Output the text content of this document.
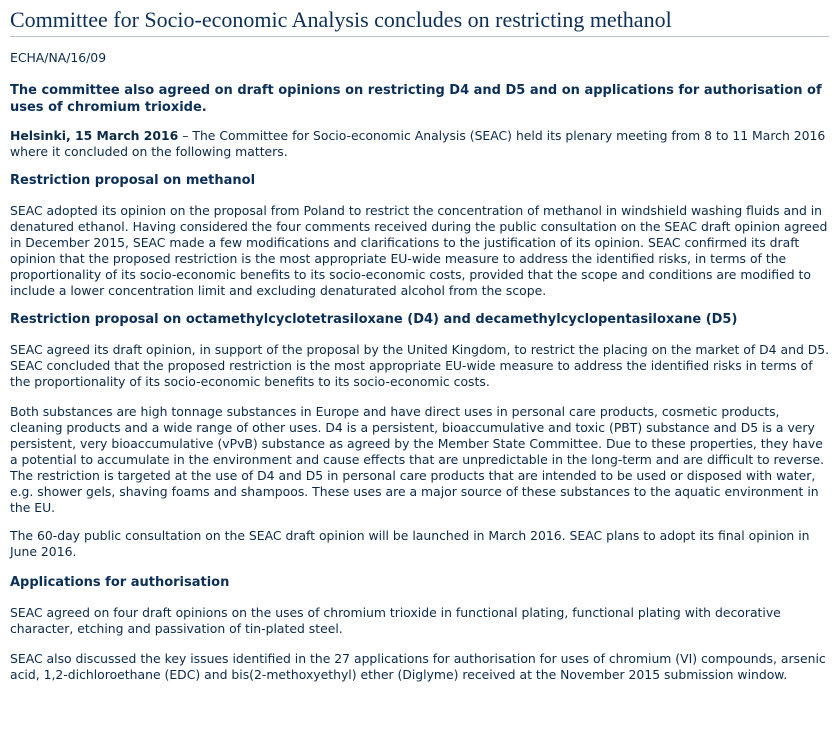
Committee for Socio-economic Analysis concludes on restricting methanol

ECHA/NA/16/09

The committee also agreed on draft opinions on restricting D4 and D5 and on applications for authorisation of uses of chromium trioxide.

Helsinki, 15 March 2016 – The Committee for Socio-economic Analysis (SEAC) held its plenary meeting from 8 to 11 March 2016 where it concluded on the following matters.

Restriction proposal on methanol

SEAC adopted its opinion on the proposal from Poland to restrict the concentration of methanol in windshield washing fluids and in denatured ethanol. Having considered the four comments received during the public consultation on the SEAC draft opinion agreed in December 2015, SEAC made a few modifications and clarifications to the justification of its opinion. SEAC confirmed its draft opinion that the proposed restriction is the most appropriate EU-wide measure to address the identified risks, in terms of the proportionality of its socio-economic benefits to its socio-economic costs, provided that the scope and conditions are modified to include a lower concentration limit and excluding denaturated alcohol from the scope.

Restriction proposal on octamethylcyclotetrasiloxane (D4) and decamethylcyclopentasiloxane (D5)

SEAC agreed its draft opinion, in support of the proposal by the United Kingdom, to restrict the placing on the market of D4 and D5. SEAC concluded that the proposed restriction is the most appropriate EU-wide measure to address the identified risks in terms of the proportionality of its socio-economic benefits to its socio-economic costs.

Both substances are high tonnage substances in Europe and have direct uses in personal care products, cosmetic products, cleaning products and a wide range of other uses. D4 is a persistent, bioaccumulative and toxic (PBT) substance and D5 is a very persistent, very bioaccumulative (vPvB) substance as agreed by the Member State Committee. Due to these properties, they have a potential to accumulate in the environment and cause effects that are unpredictable in the long-term and are difficult to reverse. The restriction is targeted at the use of D4 and D5 in personal care products that are intended to be used or disposed with water, e.g. shower gels, shaving foams and shampoos. These uses are a major source of these substances to the aquatic environment in the EU.

The 60-day public consultation on the SEAC draft opinion will be launched in March 2016. SEAC plans to adopt its final opinion in June 2016.

Applications for authorisation

SEAC agreed on four draft opinions on the uses of chromium trioxide in functional plating, functional plating with decorative character, etching and passivation of tin-plated steel.

SEAC also discussed the key issues identified in the 27 applications for authorisation for uses of chromium (VI) compounds, arsenic acid, 1,2-dichloroethane (EDC) and bis(2-methoxyethyl) ether (Diglyme) received at the November 2015 submission window.
